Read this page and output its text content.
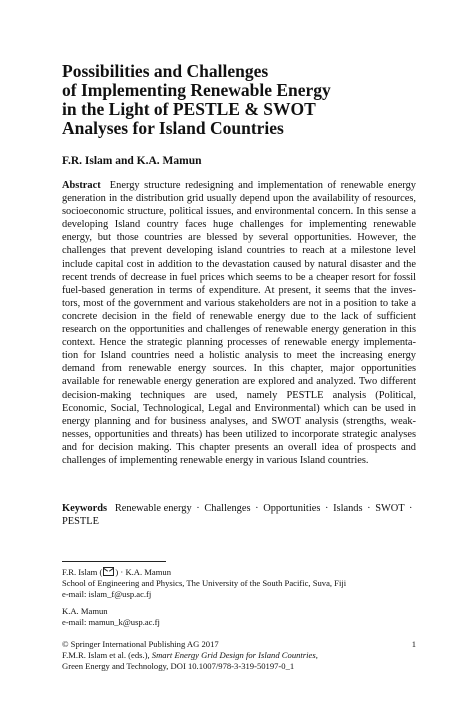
Possibilities and Challenges
of Implementing Renewable Energy
in the Light of PESTLE & SWOT
Analyses for Island Countries
F.R. Islam and K.A. Mamun
Abstract Energy structure redesigning and implementation of renewable energy
generation in the distribution grid usually depend upon the availability of resources,
socioeconomic structure, political issues, and environmental concern. In this sense a
developing Island country faces huge challenges for implementing renewable
energy, but those countries are blessed by several opportunities. However, the
challenges that prevent developing island countries to reach at a milestone level
include capital cost in addition to the devastation caused by natural disaster and the
recent trends of decrease in fuel prices which seems to be a cheaper resort for fossil
fuel-based generation in terms of expenditure. At present, it seems that the inves-
tors, most of the government and various stakeholders are not in a position to take a
concrete decision in the field of renewable energy due to the lack of sufficient
research on the opportunities and challenges of renewable energy generation in this
context. Hence the strategic planning processes of renewable energy implementa-
tion for Island countries need a holistic analysis to meet the increasing energy
demand from renewable energy sources. In this chapter, major opportunities
available for renewable energy generation are explored and analyzed. Two different
decision-making techniques are used, namely PESTLE analysis (Political,
Economic, Social, Technological, Legal and Environmental) which can be used in
energy planning and for business analyses, and SWOT analysis (strengths, weak-
nesses, opportunities and threats) has been utilized to incorporate strategic analyses
and for decision making. This chapter presents an overall idea of prospects and
challenges of implementing renewable energy in various Island countries.
Keywords Renewable energy · Challenges · Opportunities · Islands · SWOT ·
PESTLE
F.R. Islam ( ) · K.A. Mamun
School of Engineering and Physics, The University of the South Pacific, Suva, Fiji
e-mail: islam_f@usp.ac.fj
K.A. Mamun
e-mail: mamun_k@usp.ac.fj
© Springer International Publishing AG 2017
F.M.R. Islam et al. (eds.), Smart Energy Grid Design for Island Countries,
Green Energy and Technology, DOI 10.1007/978-3-319-50197-0_1
1
